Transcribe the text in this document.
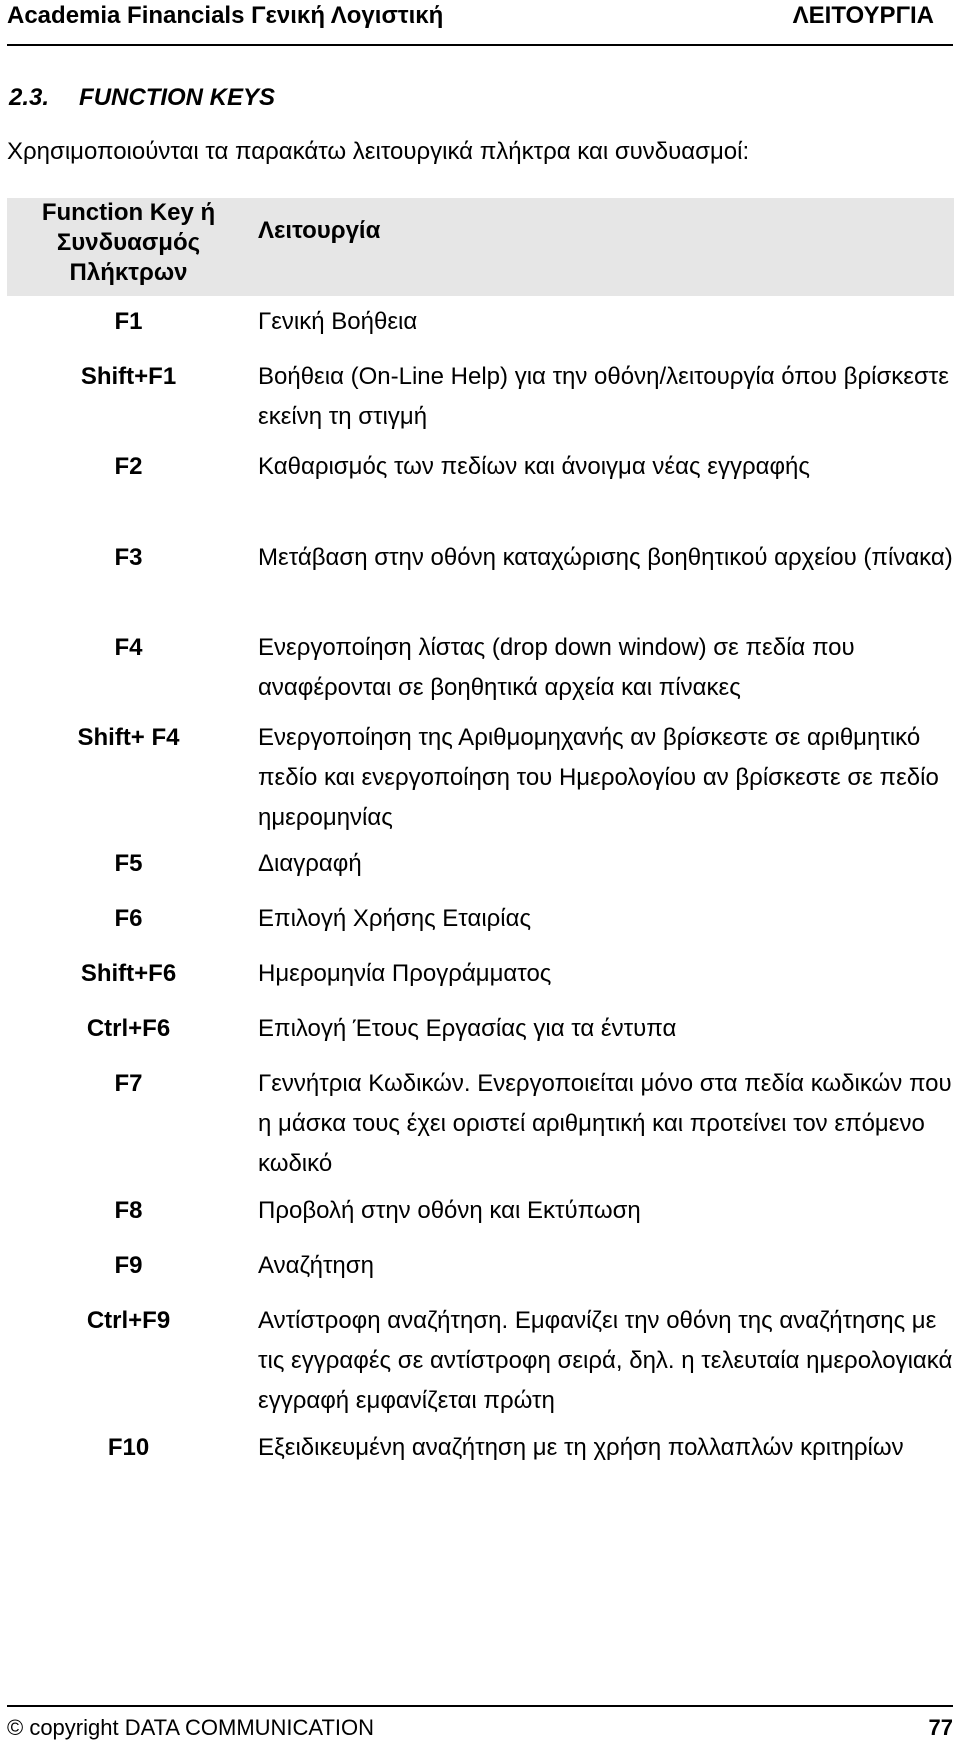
Academia Financials Γενική Λογιστική	ΛΕΙΤΟΥΡΓΙΑ
2.3. FUNCTION KEYS
Χρησιμοποιούνται τα παρακάτω λειτουργικά πλήκτρα και συνδυασμοί:
Function Key ή
Συνδυασμός
Πλήκτρων	Λειτουργία
F1	Γενική Βοήθεια
Shift+F1	Βοήθεια (On-Line Help) για την οθόνη/λειτουργία όπου βρίσκεστε εκείνη τη στιγμή
F2	Καθαρισμός των πεδίων και άνοιγμα νέας εγγραφής
F3	Μετάβαση στην οθόνη καταχώρισης βοηθητικού αρχείου (πίνακα)
F4	Ενεργοποίηση λίστας (drop down window) σε πεδία που αναφέρονται σε βοηθητικά αρχεία και πίνακες
Shift+ F4	Ενεργοποίηση της Αριθμομηχανής αν βρίσκεστε σε αριθμητικό πεδίο και ενεργοποίηση του Ημερολογίου αν βρίσκεστε σε πεδίο ημερομηνίας
F5	Διαγραφή
F6	Επιλογή Χρήσης Εταιρίας
Shift+F6	Ημερομηνία Προγράμματος
Ctrl+F6	Επιλογή Έτους Εργασίας για τα έντυπα
F7	Γεννήτρια Κωδικών. Ενεργοποιείται μόνο στα πεδία κωδικών που η μάσκα τους έχει οριστεί αριθμητική και προτείνει τον επόμενο κωδικό
F8	Προβολή στην οθόνη και Εκτύπωση
F9	Αναζήτηση
Ctrl+F9	Αντίστροφη αναζήτηση. Εμφανίζει την οθόνη της αναζήτησης με τις εγγραφές σε αντίστροφη σειρά, δηλ. η τελευταία ημερολογιακά εγγραφή εμφανίζεται πρώτη
F10	Εξειδικευμένη αναζήτηση με τη χρήση πολλαπλών κριτηρίων
© copyright DATA COMMUNICATION	77
